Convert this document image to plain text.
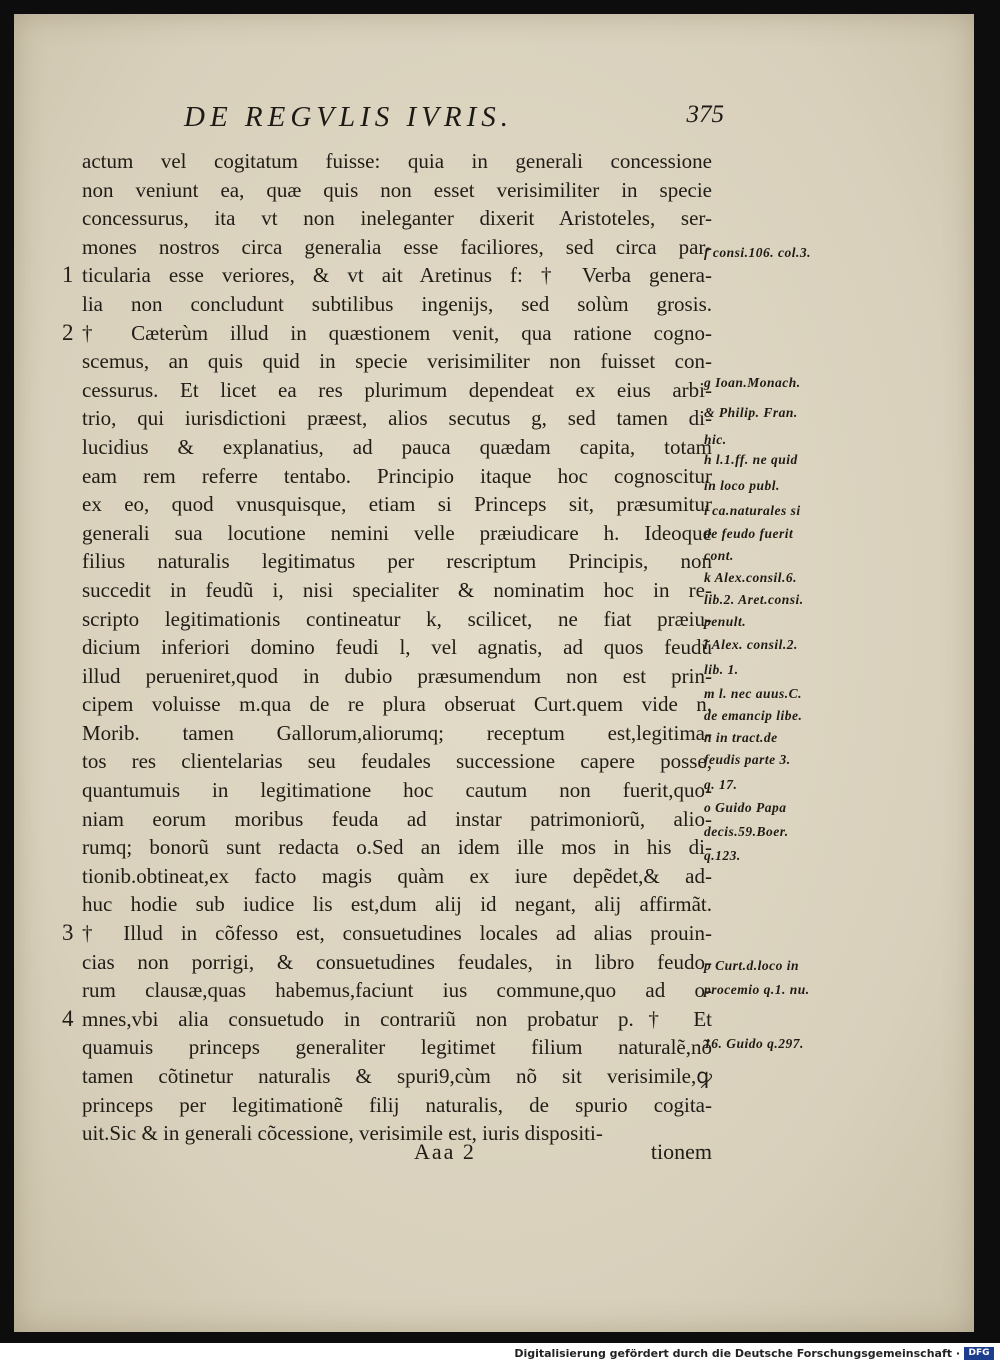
DE REGVLIS IVRIS.	375
actum vel cogitatum fuisse: quia in generali concessione
non veniunt ea, quæ quis non esset verisimiliter in specie
concessurus, ita vt non ineleganter dixerit Aristoteles, ser-
mones nostros circa generalia esse faciliores, sed circa par-
1 ticularia esse veriores, & vt ait Aretinus f: † Verba genera-
lia non concludunt subtilibus ingenijs, sed solùm grosis.
2 † Cæterùm illud in quæstionem venit, qua ratione cogno-
scemus, an quis quid in specie verisimiliter non fuisset con-
cessurus. Et licet ea res plurimum dependeat ex eius arbi-
trio, qui iurisdictioni præest, alios secutus g, sed tamen di-
lucidius & explanatius, ad pauca quædam capita, totam
eam rem referre tentabo. Principio itaque hoc cognoscitur
ex eo, quod vnusquisque, etiam si Princeps sit, præsumitur
generali sua locutione nemini velle præiudicare h. Ideoque
filius naturalis legitimatus per rescriptum Principis, non
succedit in feudũ i, nisi specialiter & nominatim hoc in re-
scripto legitimationis contineatur k, scilicet, ne fiat præiu-
dicium inferiori domino feudi l, vel agnatis, ad quos feudũ
illud perueniret,quod in dubio præsumendum non est prin-
cipem voluisse m.qua de re plura obseruat Curt.quem vide n.
Morib. tamen Gallorum,aliorumq; receptum est,legitima-
tos res clientelarias seu feudales successione capere posse,
quantumuis in legitimatione hoc cautum non fuerit,quo-
niam eorum moribus feuda ad instar patrimoniorũ, alio-
rumq; bonorũ sunt redacta o.Sed an idem ille mos in his di-
tionib.obtineat,ex facto magis quàm ex iure depẽdet,& ad-
huc hodie sub iudice lis est,dum alij id negant, alij affirmãt.
3 † Illud in cõfesso est, consuetudines locales ad alias prouin-
cias non porrigi, & consuetudines feudales, in libro feudo-
rum clausæ,quas habemus,faciunt ius commune,quo ad o-
4 mnes,vbi alia consuetudo in contrariũ non probatur p.† Et
quamuis princeps generaliter legitimet filium naturalẽ,nõ
tamen cõtinetur naturalis & spuri9,cùm nõ sit verisimile,ꝙ
princeps per legitimationẽ filij naturalis, de spurio cogita-
uit.Sic & in generali cõcessione, verisimile est, iuris dispositi-
f consi.106. col.3.
g Ioan.Monach.
& Philip. Fran.
hic.
h l.1.ff. ne quid
in loco publ.
i ca.naturales si
de feudo fuerit
cont.
k Alex.consil.6.
lib.2. Aret.consi.
penult.
l Alex. consil.2.
lib. 1.
m l. nec auus.C.
de emancip libe.
n in tract.de
feudis parte 3.
q. 17.
o Guido Papa
decis.59.Boer.
q.123.
p Curt.d.loco in
procemio q.1. nu.
16. Guido q.297.
Aaa 2	tionem
Digitalisierung gefördert durch die Deutsche Forschungsgemeinschaft · DFG
